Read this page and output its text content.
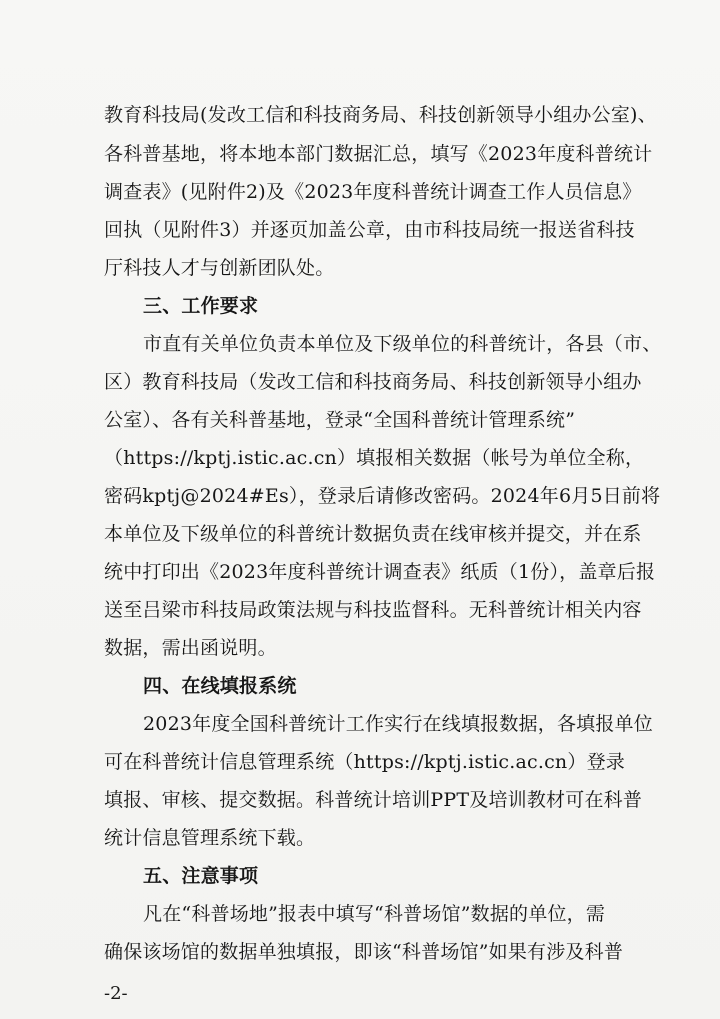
教育科技局(发改工信和科技商务局、科技创新领导小组办公室)、
各科普基地，将本地本部门数据汇总，填写《2023年度科普统计
调查表》(见附件2)及《2023年度科普统计调查工作人员信息》
回执（见附件3）并逐页加盖公章，由市科技局统一报送省科技
厅科技人才与创新团队处。
三、工作要求
市直有关单位负责本单位及下级单位的科普统计，各县（市、
区）教育科技局（发改工信和科技商务局、科技创新领导小组办
公室）、各有关科普基地，登录“全国科普统计管理系统”
（https://kptj.istic.ac.cn）填报相关数据（帐号为单位全称，
密码kptj@2024#Es），登录后请修改密码。2024年6月5日前将
本单位及下级单位的科普统计数据负责在线审核并提交，并在系
统中打印出《2023年度科普统计调查表》纸质（1份），盖章后报
送至吕梁市科技局政策法规与科技监督科。无科普统计相关内容
数据，需出函说明。
四、在线填报系统
2023年度全国科普统计工作实行在线填报数据，各填报单位
可在科普统计信息管理系统（https://kptj.istic.ac.cn）登录
填报、审核、提交数据。科普统计培训PPT及培训教材可在科普
统计信息管理系统下载。
五、注意事项
凡在“科普场地”报表中填写“科普场馆”数据的单位，需
确保该场馆的数据单独填报，即该“科普场馆”如果有涉及科普
-2-
